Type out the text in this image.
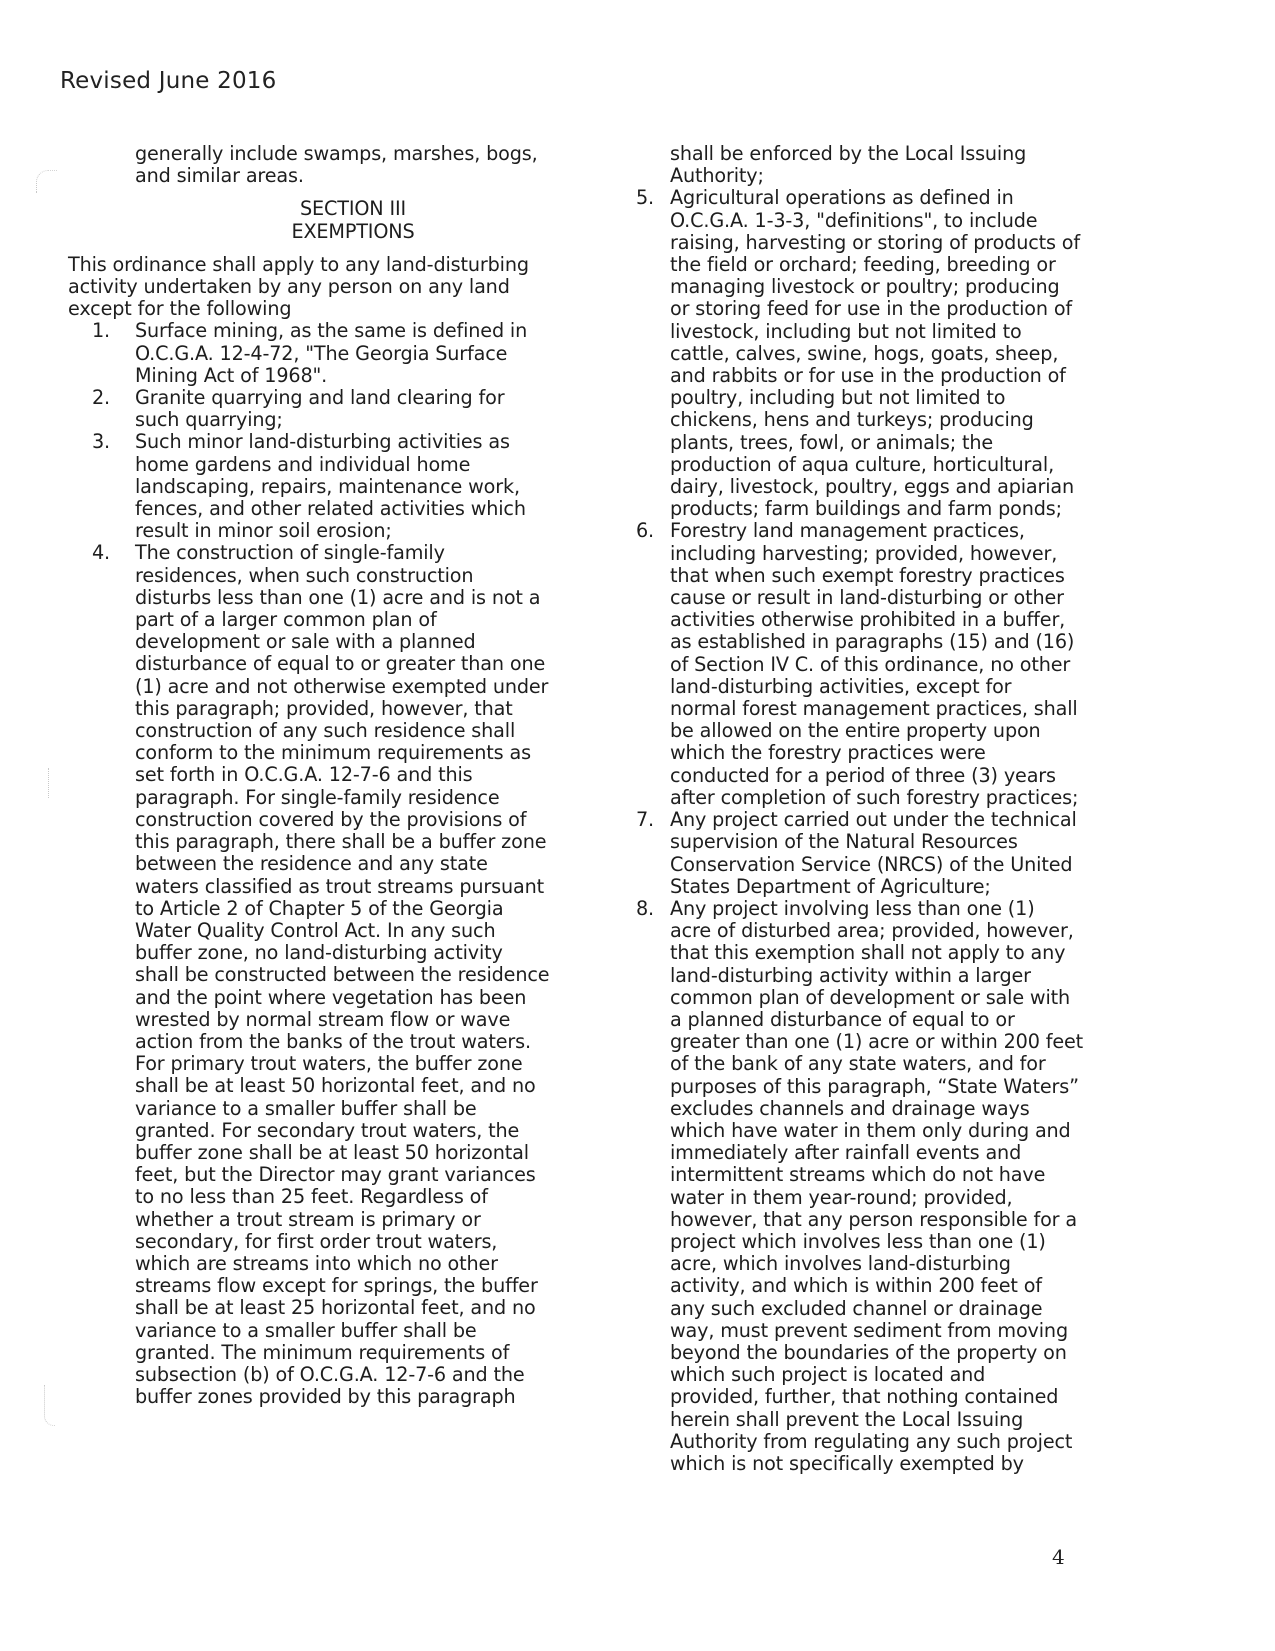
Revised June 2016
generally include swamps, marshes, bogs,
and similar areas.
SECTION III
EXEMPTIONS
This ordinance shall apply to any land-disturbing
activity undertaken by any person on any land
except for the following
1. Surface mining, as the same is defined in
O.C.G.A. 12-4-72, "The Georgia Surface
Mining Act of 1968".
2. Granite quarrying and land clearing for
such quarrying;
3. Such minor land-disturbing activities as
home gardens and individual home
landscaping, repairs, maintenance work,
fences, and other related activities which
result in minor soil erosion;
4. The construction of single-family
residences, when such construction
disturbs less than one (1) acre and is not a
part of a larger common plan of
development or sale with a planned
disturbance of equal to or greater than one
(1) acre and not otherwise exempted under
this paragraph; provided, however, that
construction of any such residence shall
conform to the minimum requirements as
set forth in O.C.G.A. 12-7-6 and this
paragraph. For single-family residence
construction covered by the provisions of
this paragraph, there shall be a buffer zone
between the residence and any state
waters classified as trout streams pursuant
to Article 2 of Chapter 5 of the Georgia
Water Quality Control Act. In any such
buffer zone, no land-disturbing activity
shall be constructed between the residence
and the point where vegetation has been
wrested by normal stream flow or wave
action from the banks of the trout waters.
For primary trout waters, the buffer zone
shall be at least 50 horizontal feet, and no
variance to a smaller buffer shall be
granted. For secondary trout waters, the
buffer zone shall be at least 50 horizontal
feet, but the Director may grant variances
to no less than 25 feet. Regardless of
whether a trout stream is primary or
secondary, for first order trout waters,
which are streams into which no other
streams flow except for springs, the buffer
shall be at least 25 horizontal feet, and no
variance to a smaller buffer shall be
granted. The minimum requirements of
subsection (b) of O.C.G.A. 12-7-6 and the
buffer zones provided by this paragraph
shall be enforced by the Local Issuing
Authority;
5. Agricultural operations as defined in
O.C.G.A. 1-3-3, "definitions", to include
raising, harvesting or storing of products of
the field or orchard; feeding, breeding or
managing livestock or poultry; producing
or storing feed for use in the production of
livestock, including but not limited to
cattle, calves, swine, hogs, goats, sheep,
and rabbits or for use in the production of
poultry, including but not limited to
chickens, hens and turkeys; producing
plants, trees, fowl, or animals; the
production of aqua culture, horticultural,
dairy, livestock, poultry, eggs and apiarian
products; farm buildings and farm ponds;
6. Forestry land management practices,
including harvesting; provided, however,
that when such exempt forestry practices
cause or result in land-disturbing or other
activities otherwise prohibited in a buffer,
as established in paragraphs (15) and (16)
of Section IV C. of this ordinance, no other
land-disturbing activities, except for
normal forest management practices, shall
be allowed on the entire property upon
which the forestry practices were
conducted for a period of three (3) years
after completion of such forestry practices;
7. Any project carried out under the technical
supervision of the Natural Resources
Conservation Service (NRCS) of the United
States Department of Agriculture;
8. Any project involving less than one (1)
acre of disturbed area; provided, however,
that this exemption shall not apply to any
land-disturbing activity within a larger
common plan of development or sale with
a planned disturbance of equal to or
greater than one (1) acre or within 200 feet
of the bank of any state waters, and for
purposes of this paragraph, “State Waters”
excludes channels and drainage ways
which have water in them only during and
immediately after rainfall events and
intermittent streams which do not have
water in them year-round; provided,
however, that any person responsible for a
project which involves less than one (1)
acre, which involves land-disturbing
activity, and which is within 200 feet of
any such excluded channel or drainage
way, must prevent sediment from moving
beyond the boundaries of the property on
which such project is located and
provided, further, that nothing contained
herein shall prevent the Local Issuing
Authority from regulating any such project
which is not specifically exempted by
4
